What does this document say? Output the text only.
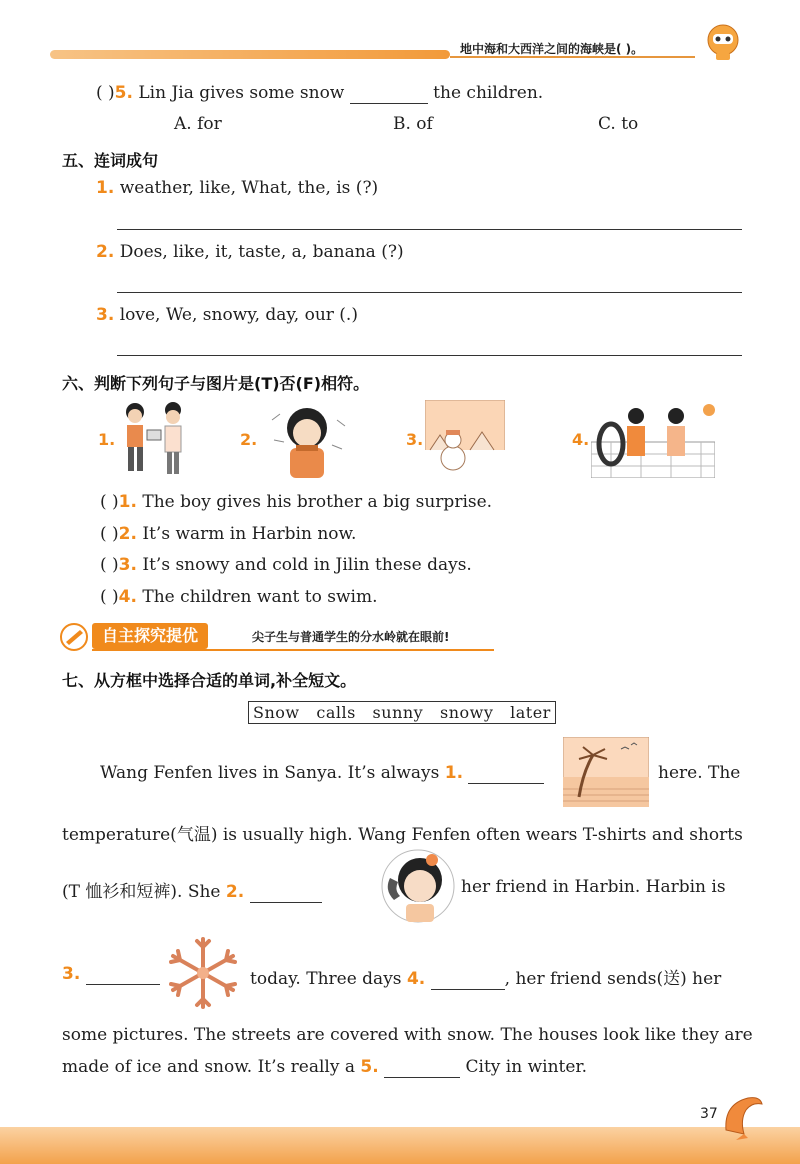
地中海和大西洋之间的海峡是( )。
( )5. Lin Jia gives some snow	the children.
A. for	B. of	C. to
五、连词成句
1. weather, like, What, the, is (?)
2. Does, like, it, taste, a, banana (?)
3. love, We, snowy, day, our (.)
六、判断下列句子与图片是(T)否(F)相符。
1.	2.	3.	4.
( )1. The boy gives his brother a big surprise.
( )2. It’s warm in Harbin now.
( )3. It’s snowy and cold in Jilin these days.
( )4. The children want to swim.
自主探究提优	尖子生与普通学生的分水岭就在眼前!
七、从方框中选择合适的单词,补全短文。
Snow   calls   sunny   snowy   later
Wang Fenfen lives in Sanya. It’s always 1.	here. The
temperature(气温) is usually high. Wang Fenfen often wears T-shirts and shorts
(T 恤衫和短裤). She 2.	her friend in Harbin. Harbin is
3.	today. Three days 4.	, her friend sends(送) her
some pictures. The streets are covered with snow. The houses look like they are
made of ice and snow. It’s really a 5.	City in winter.
37
